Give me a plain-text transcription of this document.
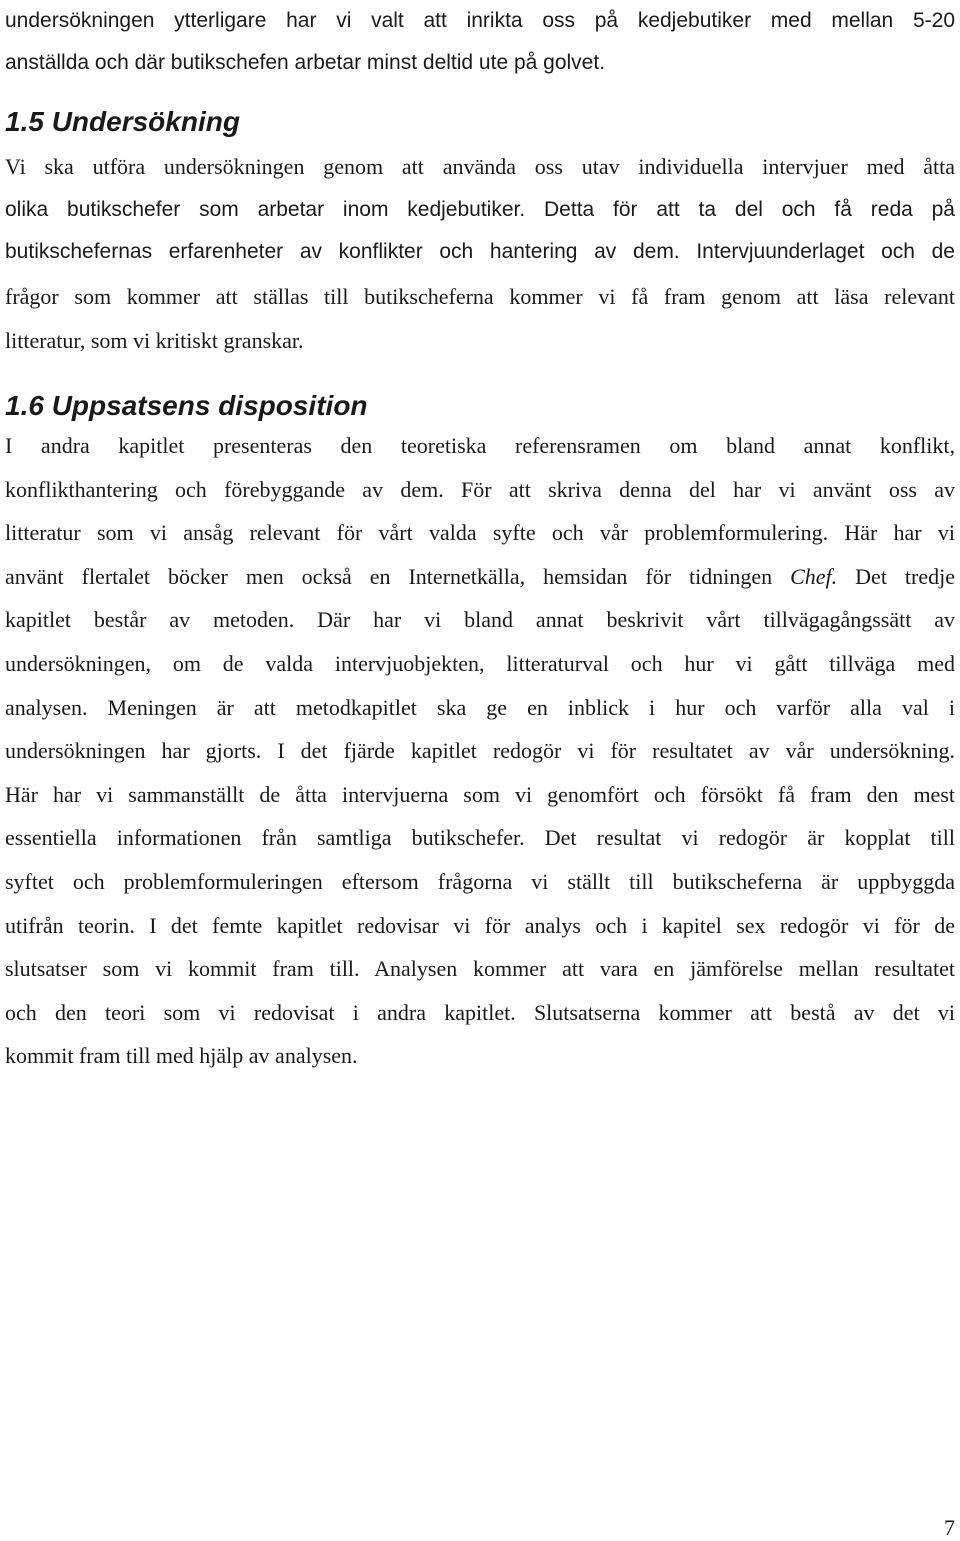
undersökningen ytterligare har vi valt att inrikta oss på kedjebutiker med mellan 5-20
anställda och där butikschefen arbetar minst deltid ute på golvet.
1.5 Undersökning
Vi ska utföra undersökningen genom att använda oss utav individuella intervjuer med åtta
olika butikschefer som arbetar inom kedjebutiker. Detta för att ta del och få reda på
butikschefernas erfarenheter av konflikter och hantering av dem. Intervjuunderlaget och de
frågor som kommer att ställas till butikscheferna kommer vi få fram genom att läsa relevant
litteratur, som vi kritiskt granskar.
1.6 Uppsatsens disposition
I andra kapitlet presenteras den teoretiska referensramen om bland annat konflikt,
konflikthantering och förebyggande av dem. För att skriva denna del har vi använt oss av
litteratur som vi ansåg relevant för vårt valda syfte och vår problemformulering. Här har vi
använt flertalet böcker men också en Internetkälla, hemsidan för tidningen Chef. Det tredje
kapitlet består av metoden. Där har vi bland annat beskrivit vårt tillvägagångssätt av
undersökningen, om de valda intervjuobjekten, litteraturval och hur vi gått tillväga med
analysen. Meningen är att metodkapitlet ska ge en inblick i hur och varför alla val i
undersökningen har gjorts. I det fjärde kapitlet redogör vi för resultatet av vår undersökning.
Här har vi sammanställt de åtta intervjuerna som vi genomfört och försökt få fram den mest
essentiella informationen från samtliga butikschefer. Det resultat vi redogör är kopplat till
syftet och problemformuleringen eftersom frågorna vi ställt till butikscheferna är uppbyggda
utifrån teorin. I det femte kapitlet redovisar vi för analys och i kapitel sex redogör vi för de
slutsatser som vi kommit fram till. Analysen kommer att vara en jämförelse mellan resultatet
och den teori som vi redovisat i andra kapitlet. Slutsatserna kommer att bestå av det vi
kommit fram till med hjälp av analysen.
7
